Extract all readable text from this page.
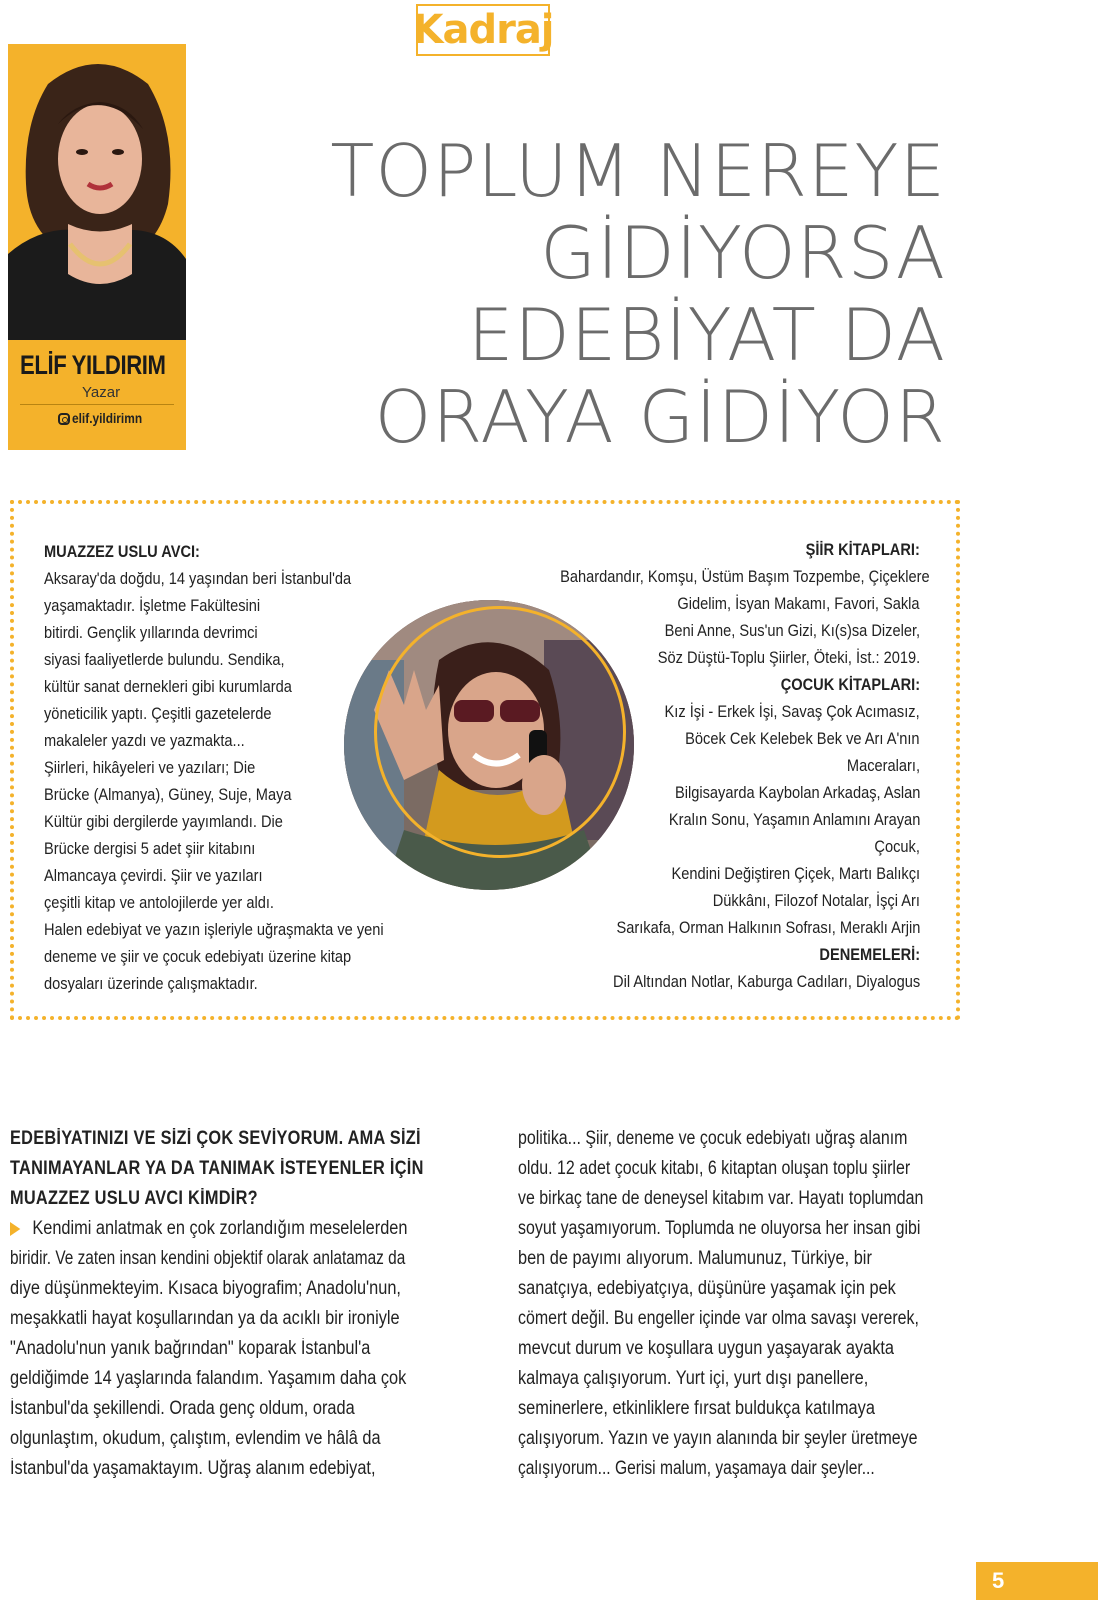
Kadraj
ELİF YILDIRIM
Yazar
elif.yildirimn
TOPLUM NEREYE
GİDİYORSA
EDEBİYAT DA
ORAYA GİDİYOR
MUAZZEZ USLU AVCI:
Aksaray'da doğdu, 14 yaşından beri İstanbul'da
yaşamaktadır. İşletme Fakültesini
bitirdi. Gençlik yıllarında devrimci
siyasi faaliyetlerde bulundu. Sendika,
kültür sanat dernekleri gibi kurumlarda
yöneticilik yaptı. Çeşitli gazetelerde
makaleler yazdı ve yazmakta...
Şiirleri, hikâyeleri ve yazıları; Die
Brücke (Almanya), Güney, Suje, Maya
Kültür gibi dergilerde yayımlandı. Die
Brücke dergisi 5 adet şiir kitabını
Almancaya çevirdi. Şiir ve yazıları
çeşitli kitap ve antolojilerde yer aldı.
Halen edebiyat ve yazın işleriyle uğraşmakta ve yeni
deneme ve şiir ve çocuk edebiyatı üzerine kitap
dosyaları üzerinde çalışmaktadır.
ŞİİR KİTAPLARI:
Bahardandır, Komşu, Üstüm Başım Tozpembe, Çiçeklere
Gidelim, İsyan Makamı, Favori, Sakla
Beni Anne, Sus'un Gizi, Kı(s)sa Dizeler,
Söz Düştü-Toplu Şiirler, Öteki, İst.: 2019.
ÇOCUK KİTAPLARI:
Kız İşi - Erkek İşi, Savaş Çok Acımasız,
Böcek Cek Kelebek Bek ve Arı A'nın
Maceraları,
Bilgisayarda Kaybolan Arkadaş, Aslan
Kralın Sonu, Yaşamın Anlamını Arayan
Çocuk,
Kendini Değiştiren Çiçek, Martı Balıkçı
Dükkânı, Filozof Notalar, İşçi Arı
Sarıkafa, Orman Halkının Sofrası, Meraklı Arjin
DENEMELERİ:
Dil Altından Notlar, Kaburga Cadıları, Diyalogus
EDEBİYATINIZI VE SİZİ ÇOK SEVİYORUM. AMA SİZİ
TANIMAYANLAR YA DA TANIMAK İSTEYENLER İÇİN
MUAZZEZ USLU AVCI KİMDİR?
Kendimi anlatmak en çok zorlandığım meselelerden
biridir. Ve zaten insan kendini objektif olarak anlatamaz da
diye düşünmekteyim. Kısaca biyografim; Anadolu'nun,
meşakkatli hayat koşullarından ya da acıklı bir ironiyle
"Anadolu'nun yanık bağrından" koparak İstanbul'a
geldiğimde 14 yaşlarında falandım. Yaşamım daha çok
İstanbul'da şekillendi. Orada genç oldum, orada
olgunlaştım, okudum, çalıştım, evlendim ve hâlâ da
İstanbul'da yaşamaktayım. Uğraş alanım edebiyat,
politika... Şiir, deneme ve çocuk edebiyatı uğraş alanım
oldu. 12 adet çocuk kitabı, 6 kitaptan oluşan toplu şiirler
ve birkaç tane de deneysel kitabım var. Hayatı toplumdan
soyut yaşamıyorum. Toplumda ne oluyorsa her insan gibi
ben de payımı alıyorum. Malumunuz, Türkiye, bir
sanatçıya, edebiyatçıya, düşünüre yaşamak için pek
cömert değil. Bu engeller içinde var olma savaşı vererek,
mevcut durum ve koşullara uygun yaşayarak ayakta
kalmaya çalışıyorum. Yurt içi, yurt dışı panellere,
seminerlere, etkinliklere fırsat buldukça katılmaya
çalışıyorum. Yazın ve yayın alanında bir şeyler üretmeye
çalışıyorum... Gerisi malum, yaşamaya dair şeyler...
5
